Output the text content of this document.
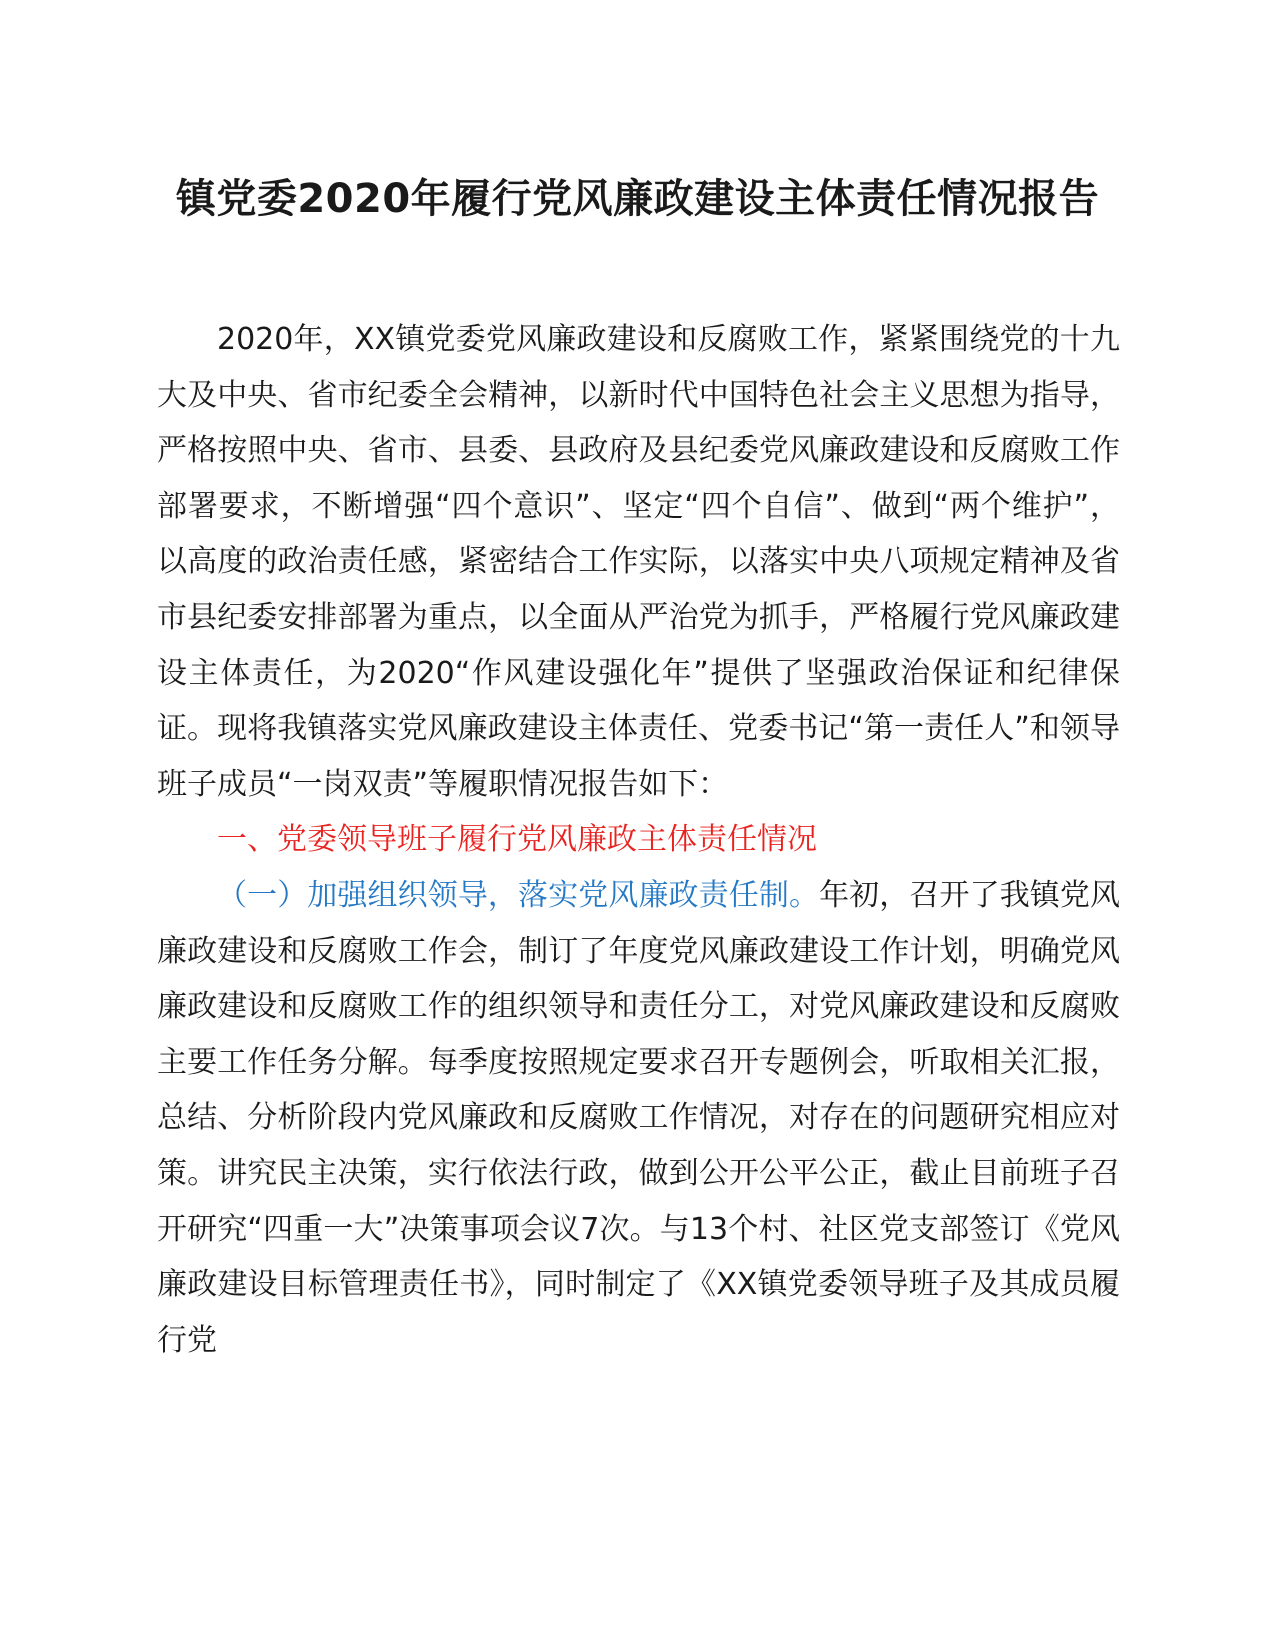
镇党委2020年履行党风廉政建设主体责任情况报告

2020年，XX镇党委党风廉政建设和反腐败工作，紧紧围绕党的十九大及中央、省市纪委全会精神，以新时代中国特色社会主义思想为指导，严格按照中央、省市、县委、县政府及县纪委党风廉政建设和反腐败工作部署要求，不断增强“四个意识”、坚定“四个自信”、做到“两个维护”，以高度的政治责任感，紧密结合工作实际，以落实中央八项规定精神及省市县纪委安排部署为重点，以全面从严治党为抓手，严格履行党风廉政建设主体责任，为2020“作风建设强化年”提供了坚强政治保证和纪律保证。现将我镇落实党风廉政建设主体责任、党委书记“第一责任人”和领导班子成员“一岗双责”等履职情况报告如下：

一、党委领导班子履行党风廉政主体责任情况

（一）加强组织领导，落实党风廉政责任制。年初，召开了我镇党风廉政建设和反腐败工作会，制订了年度党风廉政建设工作计划，明确党风廉政建设和反腐败工作的组织领导和责任分工，对党风廉政建设和反腐败主要工作任务分解。每季度按照规定要求召开专题例会，听取相关汇报，总结、分析阶段内党风廉政和反腐败工作情况，对存在的问题研究相应对策。讲究民主决策，实行依法行政，做到公开公平公正，截止目前班子召开研究“四重一大”决策事项会议7次。与13个村、社区党支部签订《党风廉政建设目标管理责任书》，同时制定了《XX镇党委领导班子及其成员履行党
